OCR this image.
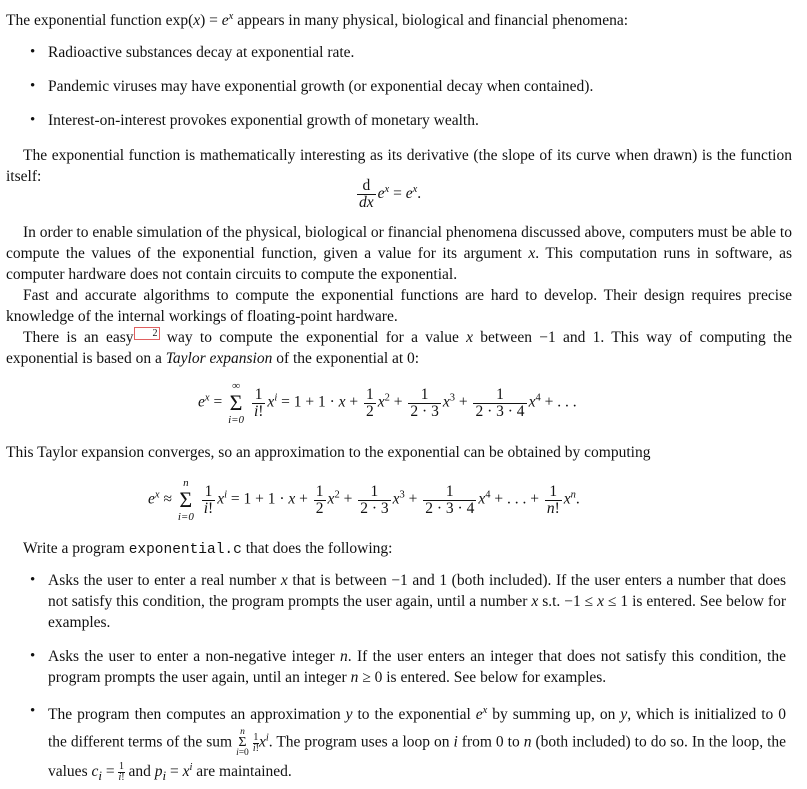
The exponential function $\exp(x) = e^x$ appears in many physical, biological and financial phenomena:
• Radioactive substances decay at exponential rate.
• Pandemic viruses may have exponential growth (or exponential decay when contained).
• Interest-on-interest provokes exponential growth of monetary wealth.
The exponential function is mathematically interesting as its derivative (the slope of its curve when drawn) is the function itself:
$\frac{d}{dx} e^x = e^x$.
In order to enable simulation of the physical, biological or financial phenomena discussed above, computers must be able to compute the values of the exponential function, given a value for its argument x. This computation runs in software, as computer hardware does not contain circuits to compute the exponential.
Fast and accurate algorithms to compute the exponential functions are hard to develop. Their design requires precise knowledge of the internal workings of floating-point hardware.
There is an easy 2 way to compute the exponential for a value x between −1 and 1. This way of computing the exponential is based on a Taylor expansion of the exponential at 0:
$e^x$ =
∞
Σ
i=0

$\frac{1}{i!} x^i = 1 + 1 \cdot x + \frac{1}{2} x^2 + \frac{1}{2 \cdot 3} x^3 + \frac{1}{2 \cdot 3 \cdot 4} x^4$ + . . .
This Taylor expansion converges, so an approximation to the exponential can be obtained by computing
$e^x$ ≈
n
Σ
i=0

$\frac{1}{i!} x^i = 1 + 1 \cdot x + \frac{1}{2} x^2 + \frac{1}{2 \cdot 3} x^3 + \frac{1}{2 \cdot 3 \cdot 4} x^4$ + . . . + $\frac{1}{n!} x^n$.
Write a program exponential.c that does the following:
• Asks the user to enter a real number x that is between −1 and 1 (both included). If the user enters a number that does not satisfy this condition, the program prompts the user again, until a number x s.t. −1 ≤ x ≤ 1 is entered. See below for examples.
• Asks the user to enter a non-negative integer n. If the user enters an integer that does not satisfy this condition, the program prompts the user again, until an integer n ≥ 0 is entered. See below for examples.
• The program then computes an approximation y to the exponential $e^x$ by summing up, on y, which is initialized to 0 the different terms of the sum n
Σ
$i=0 \frac{1}{i!} x^i$. The program uses a loop on i from 0 to n (both included) to do so. In the loop, the values $c_i = \frac{1}{i!}$ and $p_i = x^i$ are maintained.
